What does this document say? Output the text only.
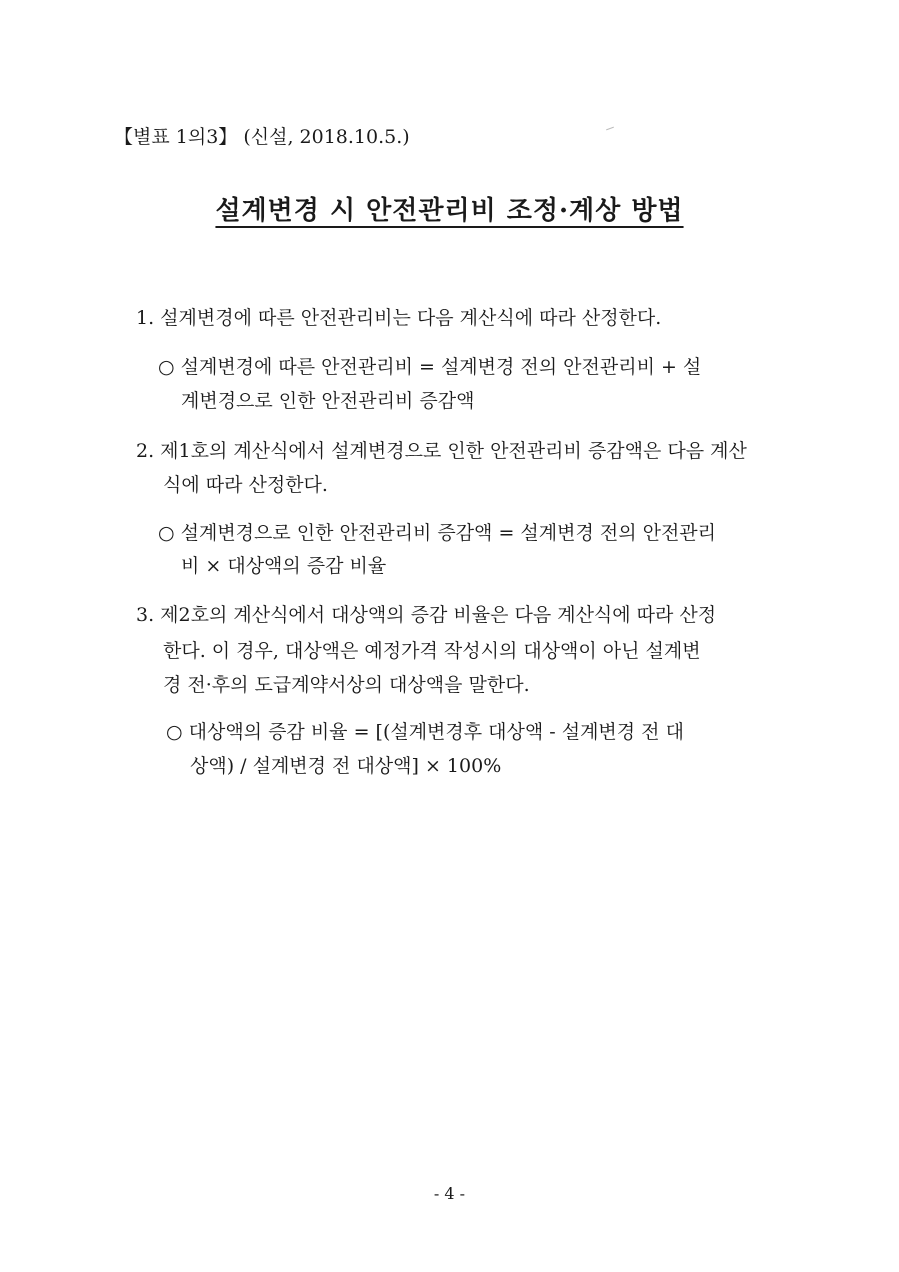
【별표 1의3】 (신설, 2018.10.5.)
설계변경 시 안전관리비 조정·계상 방법
1. 설계변경에 따른 안전관리비는 다음 계산식에 따라 산정한다.
○ 설계변경에 따른 안전관리비 = 설계변경 전의 안전관리비 + 설
계변경으로 인한 안전관리비 증감액
2. 제1호의 계산식에서 설계변경으로 인한 안전관리비 증감액은 다음 계산
식에 따라 산정한다.
○ 설계변경으로 인한 안전관리비 증감액 = 설계변경 전의 안전관리
비 × 대상액의 증감 비율
3. 제2호의 계산식에서 대상액의 증감 비율은 다음 계산식에 따라 산정
한다. 이 경우, 대상액은 예정가격 작성시의 대상액이 아닌 설계변
경 전·후의 도급계약서상의 대상액을 말한다.
○ 대상액의 증감 비율 = [(설계변경후 대상액 - 설계변경 전 대
상액) / 설계변경 전 대상액] × 100%
- 4 -
